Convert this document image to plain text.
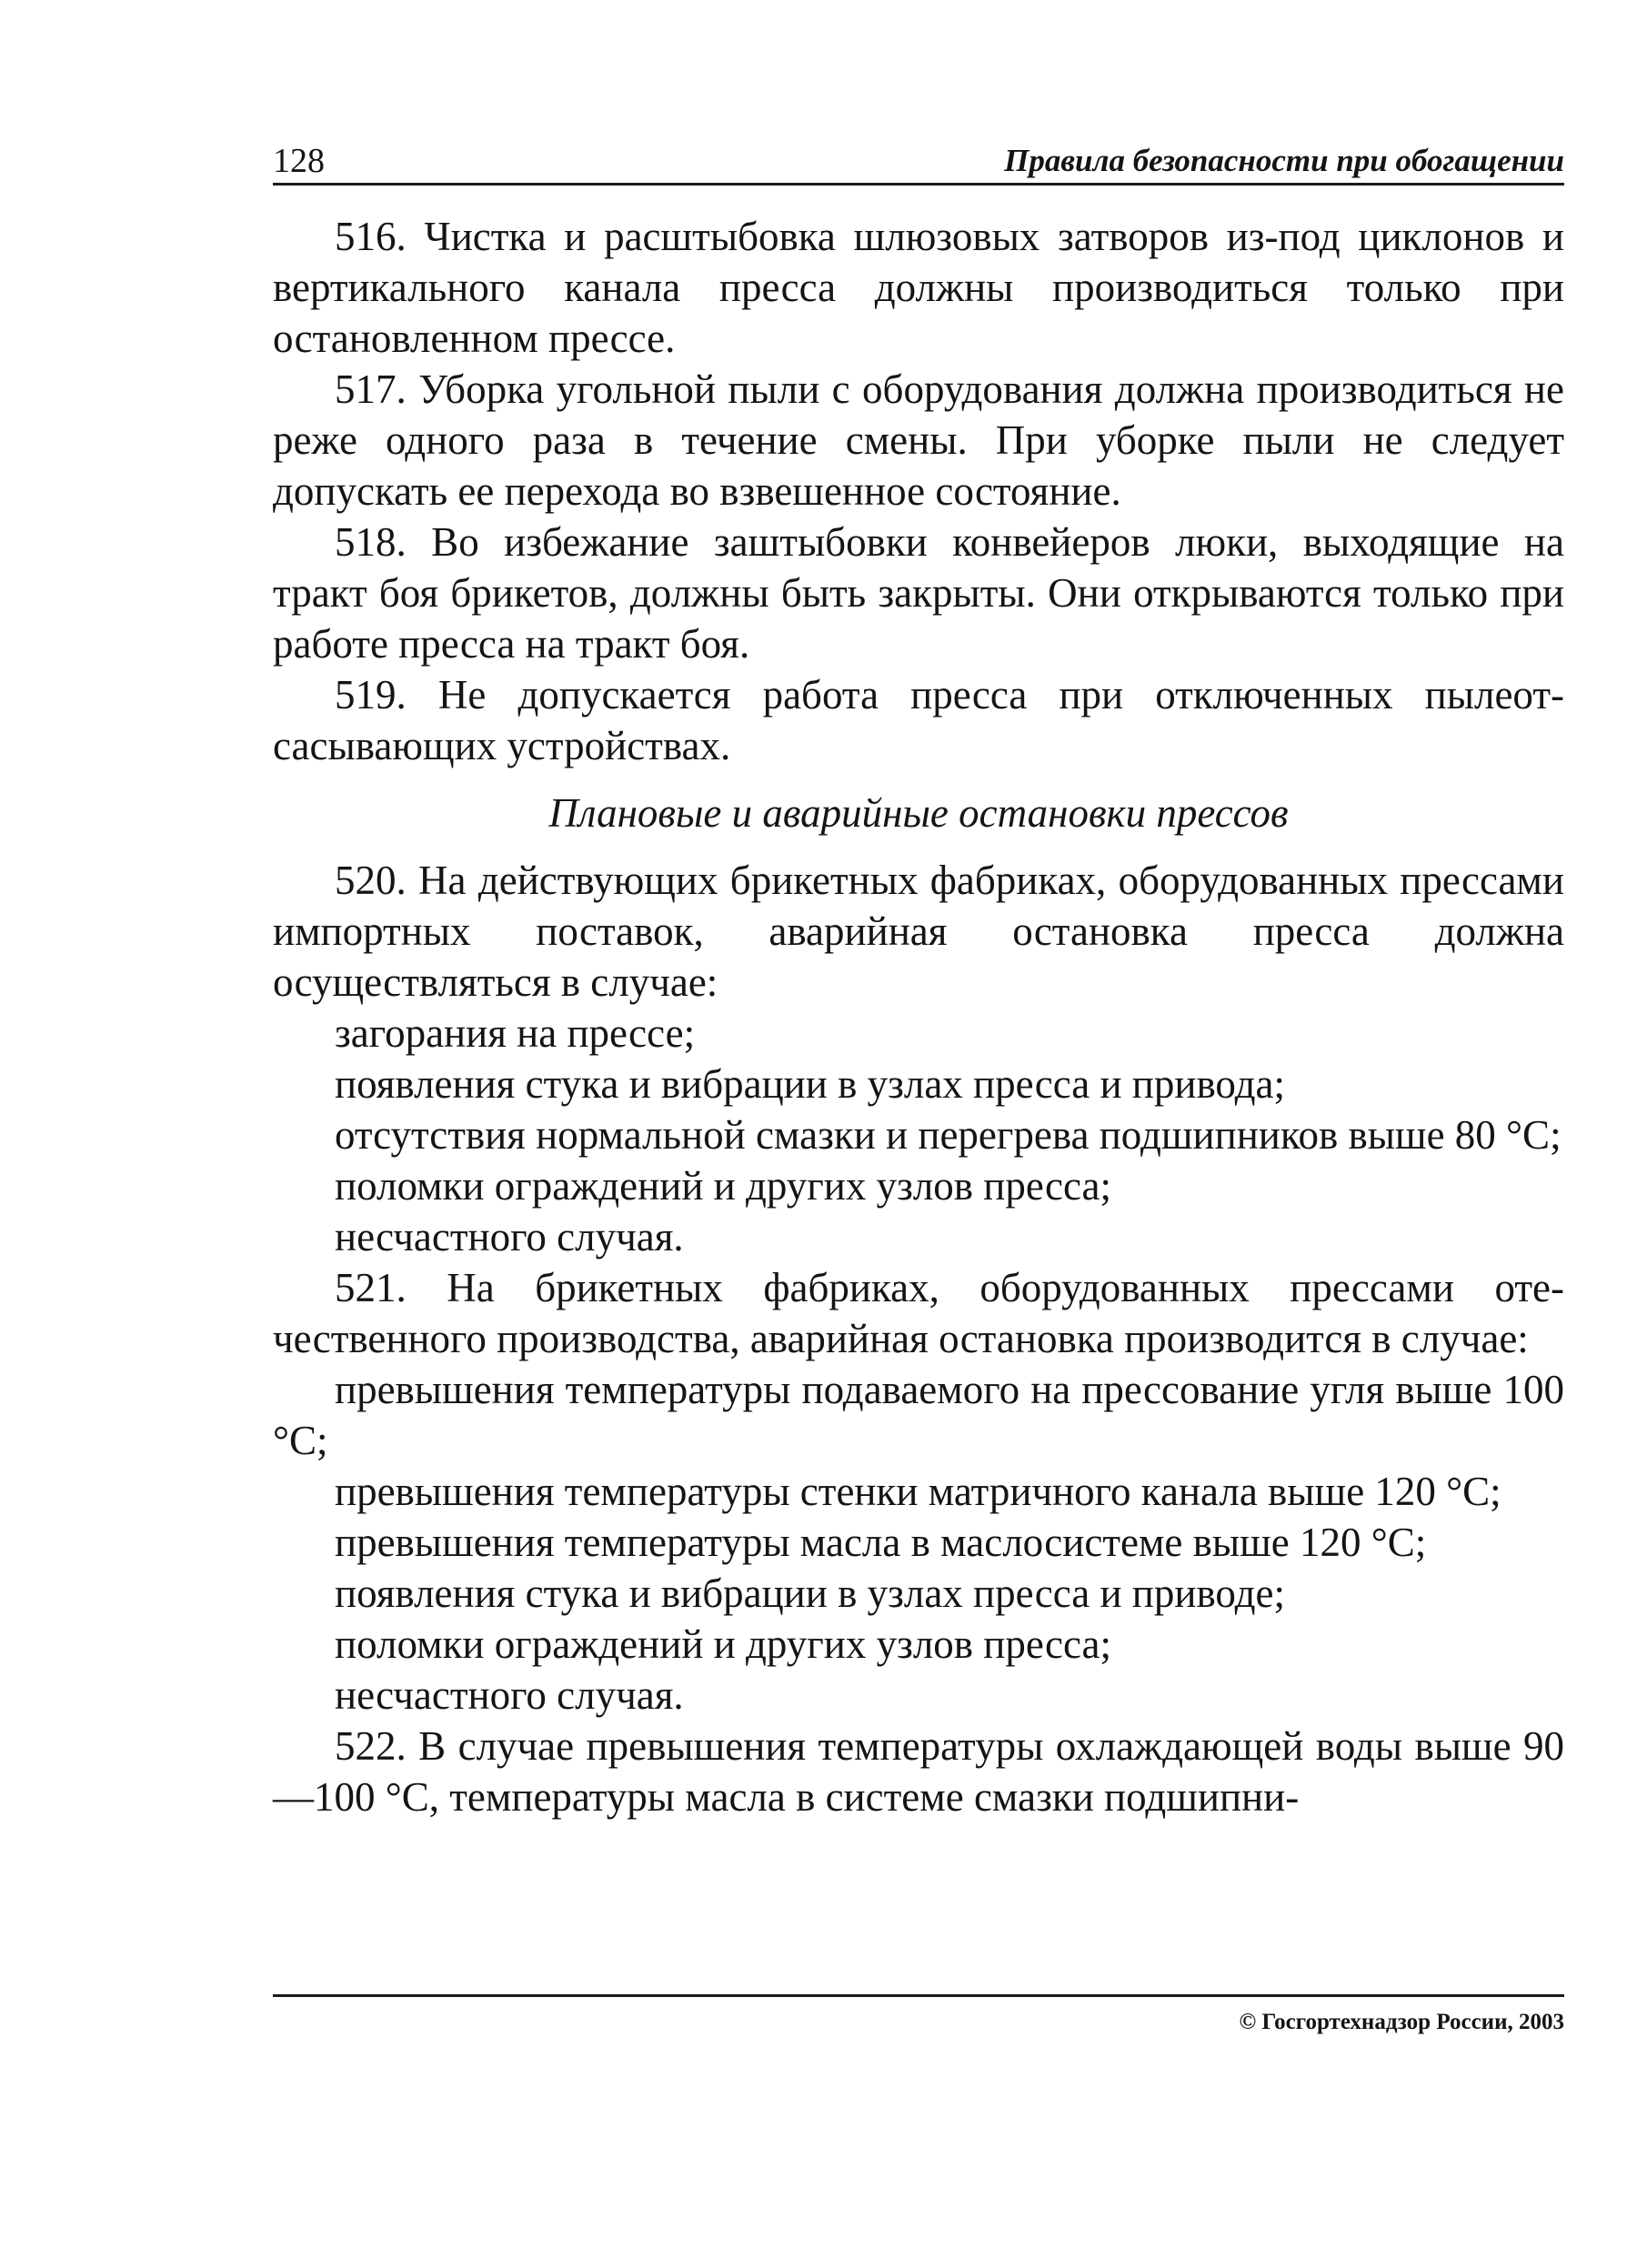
128	Правила безопасности при обогащении

516. Чистка и расштыбовка шлюзовых затворов из-под циклонов и вертикального канала пресса должны производиться только при остановленном прессе.

517. Уборка угольной пыли с оборудования должна производиться не реже одного раза в течение смены. При уборке пыли не следует допускать ее перехода во взвешенное состояние.

518. Во избежание заштыбовки конвейеров люки, выходящие на тракт боя брикетов, должны быть закрыты. Они открываются только при работе пресса на тракт боя.

519. Не допускается работа пресса при отключенных пылеотсасывающих устройствах.

Плановые и аварийные остановки прессов

520. На действующих брикетных фабриках, оборудованных прессами импортных поставок, аварийная остановка пресса должна осуществляться в случае:

загорания на прессе;

появления стука и вибрации в узлах пресса и привода;

отсутствия нормальной смазки и перегрева подшипников выше 80 °С;

поломки ограждений и других узлов пресса;

несчастного случая.

521. На брикетных фабриках, оборудованных прессами отечественного производства, аварийная остановка производится в случае:

превышения температуры подаваемого на прессование угля выше 100 °С;

превышения температуры стенки матричного канала выше 120 °С;

превышения температуры масла в маслосистеме выше 120 °С;

появления стука и вибрации в узлах пресса и приводе;

поломки ограждений и других узлов пресса;

несчастного случая.

522. В случае превышения температуры охлаждающей воды выше 90—100 °С, температуры масла в системе смазки подшипни-

© Госгортехнадзор России, 2003
